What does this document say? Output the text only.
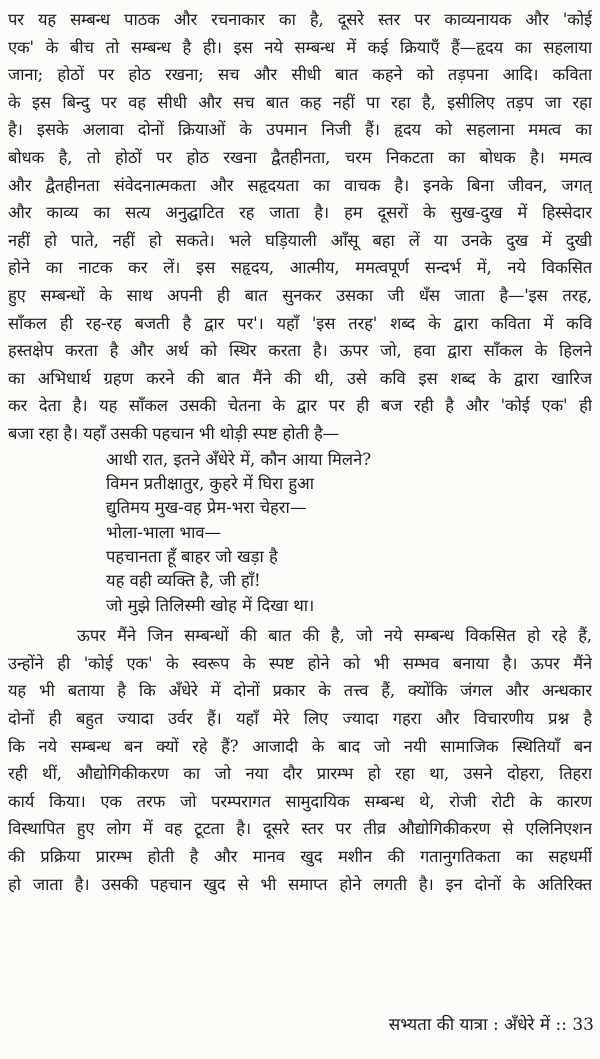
पर यह सम्बन्ध पाठक और रचनाकार का है, दूसरे स्तर पर काव्यनायक और 'कोई
एक' के बीच तो सम्बन्ध है ही। इस नये सम्बन्ध में कई क्रियाएँ हैं—हृदय का सहलाया
जाना; होठों पर होठ रखना; सच और सीधी बात कहने को तड़पना आदि। कविता
के इस बिन्दु पर वह सीधी और सच बात कह नहीं पा रहा है, इसीलिए तड़प जा रहा
है। इसके अलावा दोनों क्रियाओं के उपमान निजी हैं। हृदय को सहलाना ममत्व का
बोधक है, तो होठों पर होठ रखना द्वैतहीनता, चरम निकटता का बोधक है। ममत्व
और द्वैतहीनता संवेदनात्मकता और सहृदयता का वाचक है। इनके बिना जीवन, जगत्
और काव्य का सत्य अनुद्घाटित रह जाता है। हम दूसरों के सुख-दुख में हिस्सेदार
नहीं हो पाते, नहीं हो सकते। भले घड़ियाली आँसू बहा लें या उनके दुख में दुखी
होने का नाटक कर लें। इस सहृदय, आत्मीय, ममत्वपूर्ण सन्दर्भ में, नये विकसित
हुए सम्बन्धों के साथ अपनी ही बात सुनकर उसका जी धँस जाता है—'इस तरह,
साँकल ही रह-रह बजती है द्वार पर'। यहाँ 'इस तरह' शब्द के द्वारा कविता में कवि
हस्तक्षेप करता है और अर्थ को स्थिर करता है। ऊपर जो, हवा द्वारा साँकल के हिलने
का अभिधार्थ ग्रहण करने की बात मैंने की थी, उसे कवि इस शब्द के द्वारा खारिज
कर देता है। यह साँकल उसकी चेतना के द्वार पर ही बज रही है और 'कोई एक' ही
बजा रहा है। यहाँ उसकी पहचान भी थोड़ी स्पष्ट होती है—
आधी रात, इतने अँधेरे में, कौन आया मिलने?
विमन प्रतीक्षातुर, कुहरे में घिरा हुआ
द्युतिमय मुख-वह प्रेम-भरा चेहरा—
भोला-भाला भाव—
पहचानता हूँ बाहर जो खड़ा है
यह वही व्यक्ति है, जी हाँ!
जो मुझे तिलिस्मी खोह में दिखा था।
ऊपर मैंने जिन सम्बन्धों की बात की है, जो नये सम्बन्ध विकसित हो रहे हैं,
उन्होंने ही 'कोई एक' के स्वरूप के स्पष्ट होने को भी सम्भव बनाया है। ऊपर मैंने
यह भी बताया है कि अँधेरे में दोनों प्रकार के तत्त्व हैं, क्योंकि जंगल और अन्धकार
दोनों ही बहुत ज्यादा उर्वर हैं। यहाँ मेरे लिए ज्यादा गहरा और विचारणीय प्रश्न है
कि नये सम्बन्ध बन क्यों रहे हैं? आजादी के बाद जो नयी सामाजिक स्थितियाँ बन
रही थीं, औद्योगिकीकरण का जो नया दौर प्रारम्भ हो रहा था, उसने दोहरा, तिहरा
कार्य किया। एक तरफ जो परम्परागत सामुदायिक सम्बन्ध थे, रोजी रोटी के कारण
विस्थापित हुए लोग में वह टूटता है। दूसरे स्तर पर तीव्र औद्योगिकीकरण से एलिनिएशन
की प्रक्रिया प्रारम्भ होती है और मानव खुद मशीन की गतानुगतिकता का सहधर्मी
हो जाता है। उसकी पहचान खुद से भी समाप्त होने लगती है। इन दोनों के अतिरिक्त
सभ्यता की यात्रा : अँधेरे में :: 33
